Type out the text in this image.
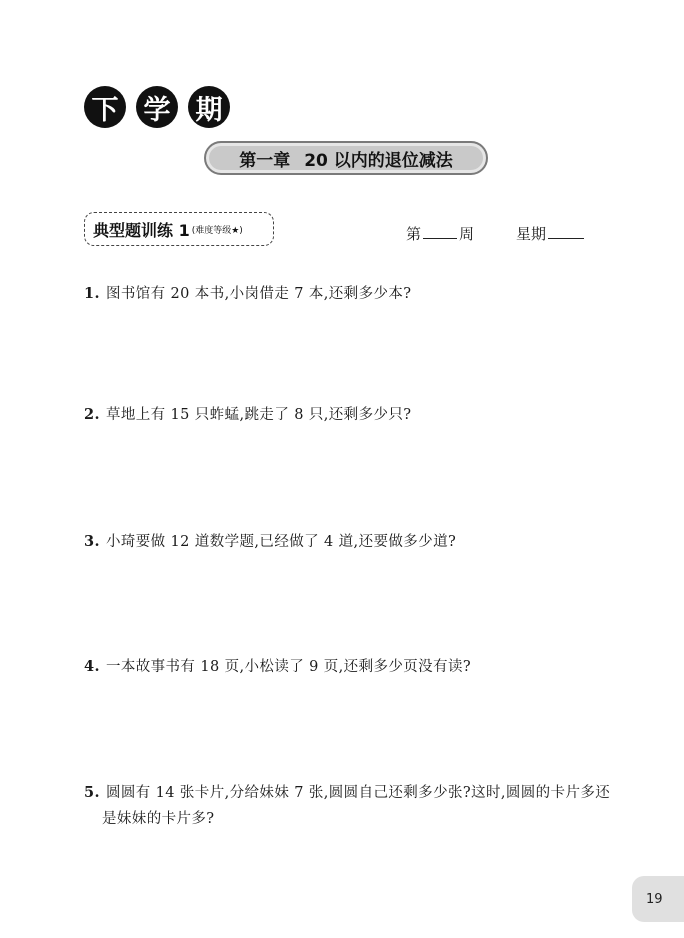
下 学 期
第一章 20 以内的退位减法
典型题训练 1 (难度等级★)	第	周	星期
1. 图书馆有 20 本书,小岗借走 7 本,还剩多少本?
2. 草地上有 15 只蚱蜢,跳走了 8 只,还剩多少只?
3. 小琦要做 12 道数学题,已经做了 4 道,还要做多少道?
4. 一本故事书有 18 页,小松读了 9 页,还剩多少页没有读?
5. 圆圆有 14 张卡片,分给妹妹 7 张,圆圆自己还剩多少张?这时,圆圆的卡片多还
是妹妹的卡片多?
19
